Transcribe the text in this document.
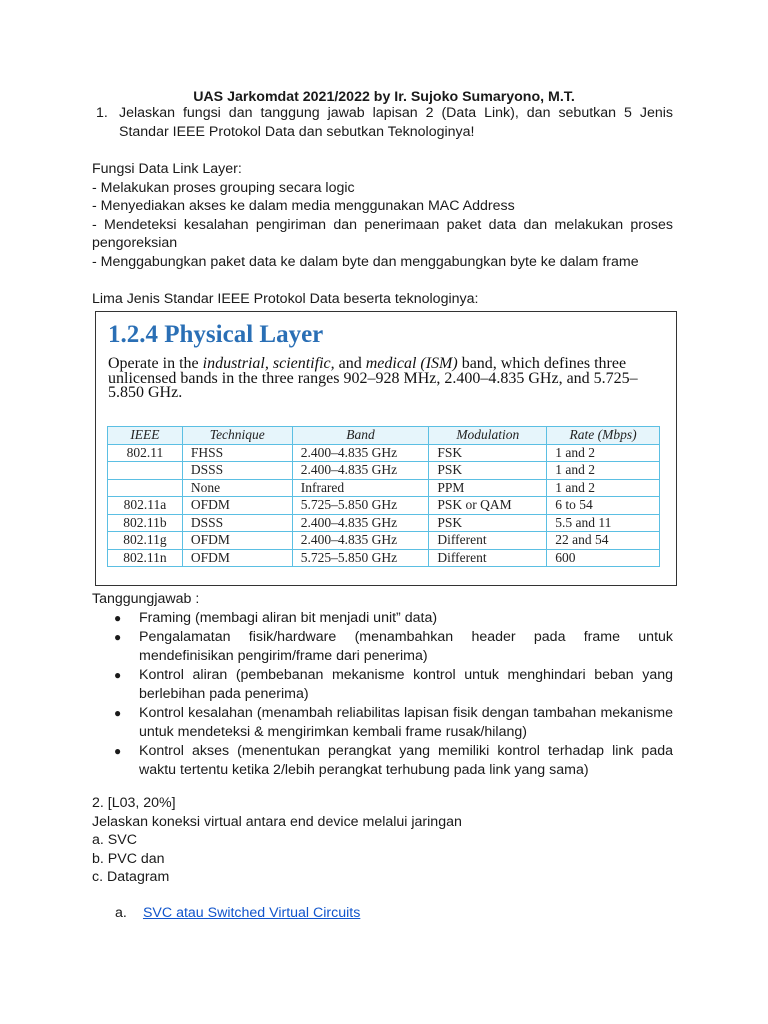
UAS Jarkomdat 2021/2022 by Ir. Sujoko Sumaryono, M.T.
1. Jelaskan fungsi dan tanggung jawab lapisan 2 (Data Link), dan sebutkan 5 Jenis Standar IEEE Protokol Data dan sebutkan Teknologinya!
Fungsi Data Link Layer:
- Melakukan proses grouping secara logic
- Menyediakan akses ke dalam media menggunakan MAC Address
- Mendeteksi kesalahan pengiriman dan penerimaan paket data dan melakukan proses
pengoreksian
- Menggabungkan paket data ke dalam byte dan menggabungkan byte ke dalam frame
Lima Jenis Standar IEEE Protokol Data beserta teknologinya:
1.2.4 Physical Layer
Operate in the industrial, scientific, and medical (ISM) band, which defines three unlicensed bands in the three ranges 902–928 MHz, 2.400–4.835 GHz, and 5.725–5.850 GHz.
IEEE	Technique	Band	Modulation	Rate (Mbps)
802.11	FHSS	2.400–4.835 GHz	FSK	1 and 2
	DSSS	2.400–4.835 GHz	PSK	1 and 2
	None	Infrared	PPM	1 and 2
802.11a	OFDM	5.725–5.850 GHz	PSK or QAM	6 to 54
802.11b	DSSS	2.400–4.835 GHz	PSK	5.5 and 11
802.11g	OFDM	2.400–4.835 GHz	Different	22 and 54
802.11n	OFDM	5.725–5.850 GHz	Different	600
Tanggungjawab :
● Framing (membagi aliran bit menjadi unit” data)
● Pengalamatan fisik/hardware (menambahkan header pada frame untuk mendefinisikan pengirim/frame dari penerima)
● Kontrol aliran (pembebanan mekanisme kontrol untuk menghindari beban yang berlebihan pada penerima)
● Kontrol kesalahan (menambah reliabilitas lapisan fisik dengan tambahan mekanisme untuk mendeteksi & mengirimkan kembali frame rusak/hilang)
● Kontrol akses (menentukan perangkat yang memiliki kontrol terhadap link pada waktu tertentu ketika 2/lebih perangkat terhubung pada link yang sama)
2. [L03, 20%]
Jelaskan koneksi virtual antara end device melalui jaringan
a. SVC
b. PVC dan
c. Datagram
a. SVC atau Switched Virtual Circuits
